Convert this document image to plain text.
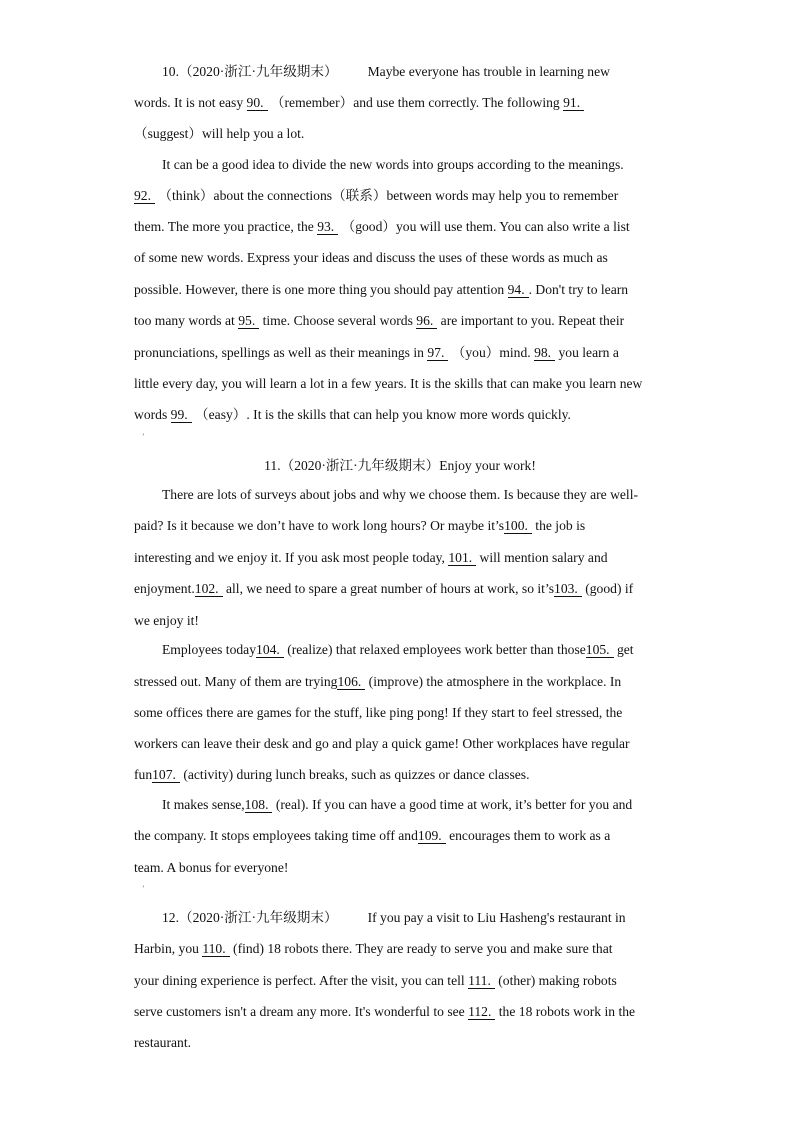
10.（2020·浙江·九年级期末） Maybe everyone has trouble in learning new
words. It is not easy 90. （remember）and use them correctly. The following 91.
（suggest）will help you a lot.
It can be a good idea to divide the new words into groups according to the meanings.
92. （think）about the connections（联系）between words may help you to remember
them. The more you practice, the 93. （good）you will use them. You can also write a list
of some new words. Express your ideas and discuss the uses of these words as much as
possible. However, there is one more thing you should pay attention 94. . Don't try to learn
too many words at 95. time. Choose several words 96. are important to you. Repeat their
pronunciations, spellings as well as their meanings in 97. （you）mind. 98. you learn a
little every day, you will learn a lot in a few years. It is the skills that can make you learn new
words 99. （easy）. It is the skills that can help you know more words quickly.
ʼ
11.（2020·浙江·九年级期末）Enjoy your work!
There are lots of surveys about jobs and why we choose them. Is because they are well-
paid? Is it because we don’t have to work long hours? Or maybe it’s100. the job is
interesting and we enjoy it. If you ask most people today, 101. will mention salary and
enjoyment.102. all, we need to spare a great number of hours at work, so it’s103. (good) if
we enjoy it!
Employees today104. (realize) that relaxed employees work better than those105. get
stressed out. Many of them are trying106. (improve) the atmosphere in the workplace. In
some offices there are games for the stuff, like ping pong! If they start to feel stressed, the
workers can leave their desk and go and play a quick game! Other workplaces have regular
fun107. (activity) during lunch breaks, such as quizzes or dance classes.
It makes sense,108. (real). If you can have a good time at work, it’s better for you and
the company. It stops employees taking time off and109. encourages them to work as a
team. A bonus for everyone!
ʼ
12.（2020·浙江·九年级期末） If you pay a visit to Liu Hasheng's restaurant in
Harbin, you 110. (find) 18 robots there. They are ready to serve you and make sure that
your dining experience is perfect. After the visit, you can tell 111. (other) making robots
serve customers isn't a dream any more. It's wonderful to see 112. the 18 robots work in the
restaurant.
